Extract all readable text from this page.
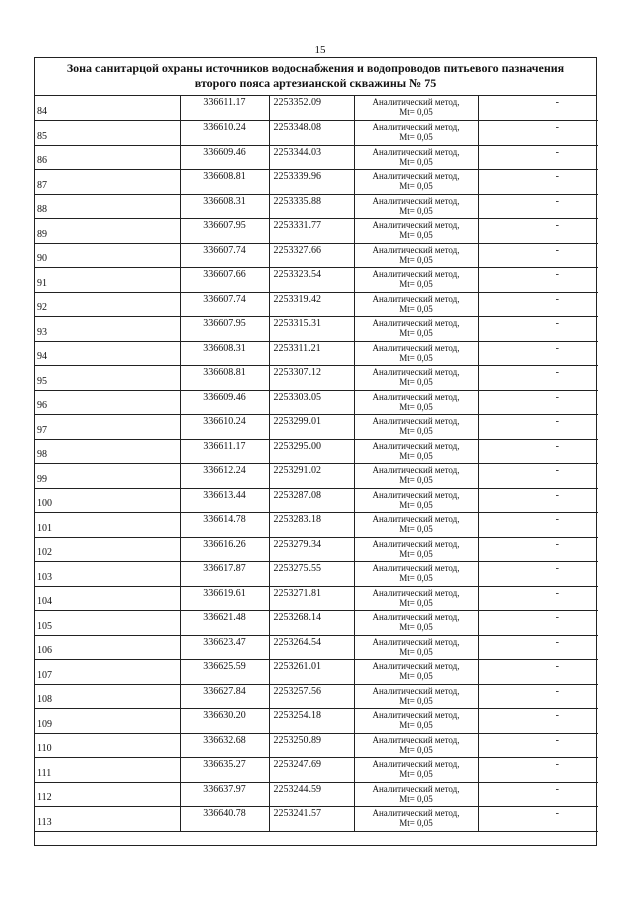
15
Зона санитарцой охраны источников водоснабжения и водопроводов питьевого пазначения
второго пояса артезианской скважины № 75
84	336611.17	2253352.09	Аналитический метод,
Mt= 0,05	-

85	336610.24	2253348.08	Аналитический метод,
Mt= 0,05	-

86	336609.46	2253344.03	Аналитический метод,
Mt= 0,05	-

87	336608.81	2253339.96	Аналитический метод,
Mt= 0,05	-

88	336608.31	2253335.88	Аналитический метод,
Mt= 0,05	-

89	336607.95	2253331.77	Аналитический метод,
Mt= 0,05	-

90	336607.74	2253327.66	Аналитический метод,
Mt= 0,05	-

91	336607.66	2253323.54	Аналитический метод,
Mt= 0,05	-

92	336607.74	2253319.42	Аналитический метод,
Mt= 0,05	-

93	336607.95	2253315.31	Аналитический метод,
Mt= 0,05	-

94	336608.31	2253311.21	Аналитический метод,
Mt= 0,05	-

95	336608.81	2253307.12	Аналитический метод,
Mt= 0,05	-

96	336609.46	2253303.05	Аналитический метод,
Mt= 0,05	-

97	336610.24	2253299.01	Аналитический метод,
Mt= 0,05	-

98	336611.17	2253295.00	Аналитический метод,
Mt= 0,05	-

99	336612.24	2253291.02	Аналитический метод,
Mt= 0,05	-

100	336613.44	2253287.08	Аналитический метод,
Mt= 0,05	-

101	336614.78	2253283.18	Аналитический метод,
Mt= 0,05	-

102	336616.26	2253279.34	Аналитический метод,
Mt= 0,05	-

103	336617.87	2253275.55	Аналитический метод,
Mt= 0,05	-

104	336619.61	2253271.81	Аналитический метод,
Mt= 0,05	-

105	336621.48	2253268.14	Аналитический метод,
Mt= 0,05	-

106	336623.47	2253264.54	Аналитический метод,
Mt= 0,05	-

107	336625.59	2253261.01	Аналитический метод,
Mt= 0,05	-

108	336627.84	2253257.56	Аналитический метод,
Mt= 0,05	-

109	336630.20	2253254.18	Аналитический метод,
Mt= 0,05	-

110	336632.68	2253250.89	Аналитический метод,
Mt= 0,05	-

111	336635.27	2253247.69	Аналитический метод,
Mt= 0,05	-

112	336637.97	2253244.59	Аналитический метод,
Mt= 0,05	-

113	336640.78	2253241.57	Аналитический метод,
Mt= 0,05	-
